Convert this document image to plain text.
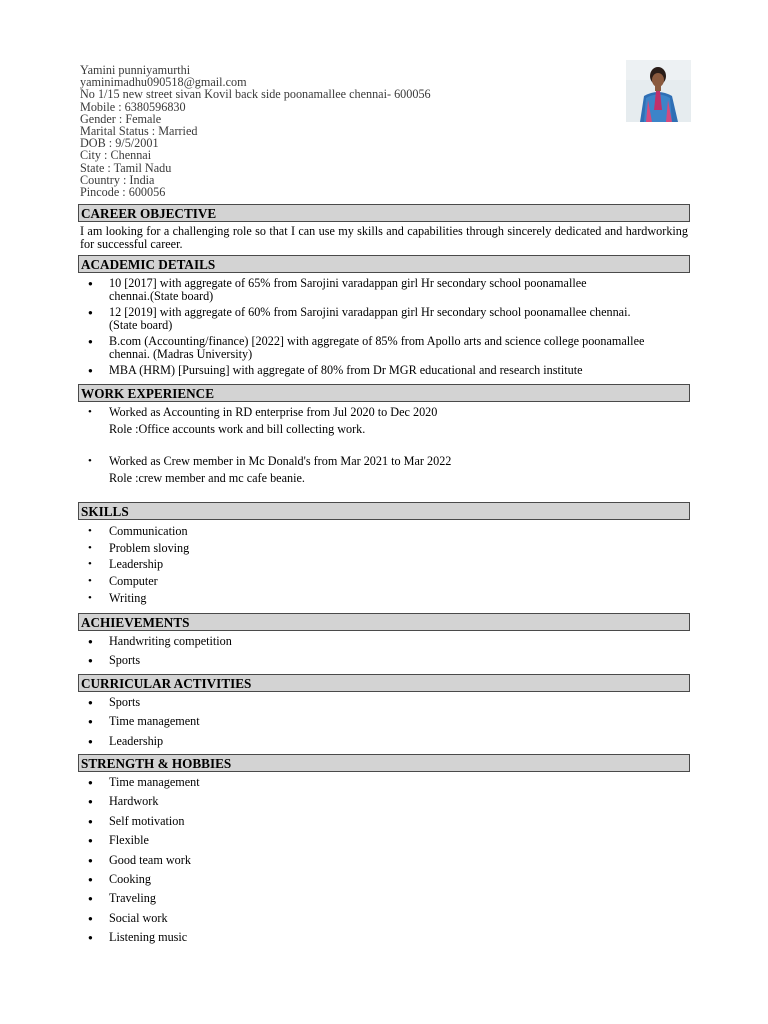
Yamini punniyamurthi
yaminimadhu090518@gmail.com
No 1/15 new street sivan Kovil back side poonamallee chennai- 600056
Mobile : 6380596830
Gender : Female
Marital Status : Married
DOB : 9/5/2001
City : Chennai
State : Tamil Nadu
Country : India
Pincode : 600056
CAREER OBJECTIVE
I am looking for a challenging role so that I can use my skills and capabilities through sincerely dedicated and hardworking for successful career.
ACADEMIC DETAILS
● 10 [2017] with aggregate of 65% from Sarojini varadappan girl Hr secondary school poonamallee
chennai.(State board)
● 12 [2019] with aggregate of 60% from Sarojini varadappan girl Hr secondary school poonamallee chennai.
(State board)
● B.com (Accounting/finance) [2022] with aggregate of 85% from Apollo arts and science college poonamallee
chennai. (Madras University)
● MBA (HRM) [Pursuing] with aggregate of 80% from Dr MGR educational and research institute
WORK EXPERIENCE
• Worked as Accounting in RD enterprise from Jul 2020 to Dec 2020
Role :Office accounts work and bill collecting work.
• Worked as Crew member in Mc Donald's from Mar 2021 to Mar 2022
Role :crew member and mc cafe beanie.
SKILLS
• Communication
• Problem sloving
• Leadership
• Computer
• Writing
ACHIEVEMENTS
● Handwriting competition
● Sports
CURRICULAR ACTIVITIES
● Sports
● Time management
● Leadership
STRENGTH & HOBBIES
● Time management
● Hardwork
● Self motivation
● Flexible
● Good team work
● Cooking
● Traveling
● Social work
● Listening music
